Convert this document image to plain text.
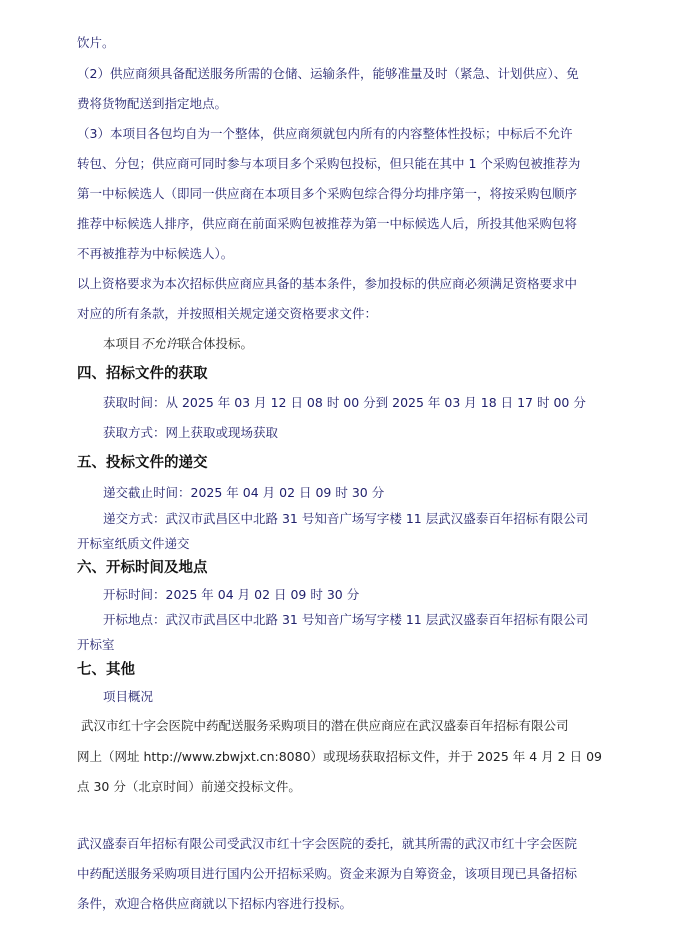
饮片。
（2）供应商须具备配送服务所需的仓储、运输条件，能够准量及时（紧急、计划供应）、免
费将货物配送到指定地点。
（3）本项目各包均自为一个整体，供应商须就包内所有的内容整体性投标；中标后不允许
转包、分包；供应商可同时参与本项目多个采购包投标，但只能在其中 1 个采购包被推荐为
第一中标候选人（即同一供应商在本项目多个采购包综合得分均排序第一，将按采购包顺序
推荐中标候选人排序，供应商在前面采购包被推荐为第一中标候选人后，所投其他采购包将
不再被推荐为中标候选人）。
以上资格要求为本次招标供应商应具备的基本条件，参加投标的供应商必须满足资格要求中
对应的所有条款，并按照相关规定递交资格要求文件：
本项目不允许联合体投标。
四、招标文件的获取
获取时间：从 2025 年 03 月 12 日 08 时 00 分到 2025 年 03 月 18 日 17 时 00 分
获取方式：网上获取或现场获取
五、投标文件的递交
递交截止时间：2025 年 04 月 02 日 09 时 30 分
递交方式：武汉市武昌区中北路 31 号知音广场写字楼 11 层武汉盛泰百年招标有限公司
开标室纸质文件递交
六、开标时间及地点
开标时间：2025 年 04 月 02 日 09 时 30 分
开标地点：武汉市武昌区中北路 31 号知音广场写字楼 11 层武汉盛泰百年招标有限公司
开标室
七、其他
项目概况
武汉市红十字会医院中药配送服务采购项目的潜在供应商应在武汉盛泰百年招标有限公司
网上（网址 http://www.zbwjxt.cn:8080）或现场获取招标文件，并于 2025 年 4 月 2 日 09
点 30 分（北京时间）前递交投标文件。
武汉盛泰百年招标有限公司受武汉市红十字会医院的委托，就其所需的武汉市红十字会医院
中药配送服务采购项目进行国内公开招标采购。资金来源为自筹资金，该项目现已具备招标
条件，欢迎合格供应商就以下招标内容进行投标。
